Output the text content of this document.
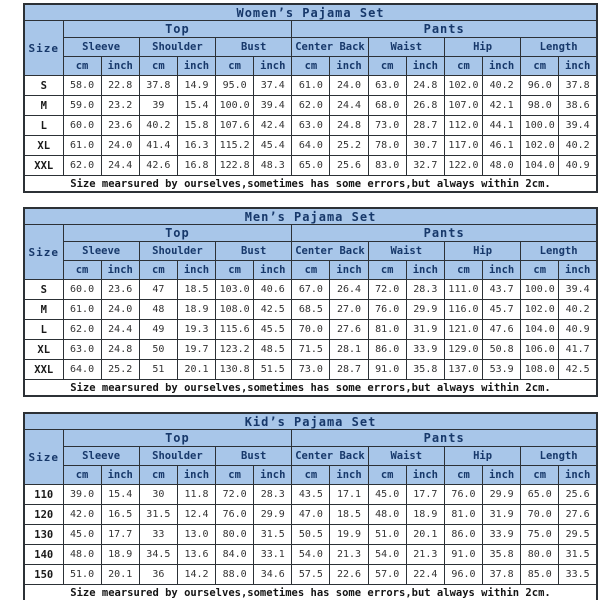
Women’s Pajama Set														
Size	Top						Pants							
	Sleeve		Shoulder		Bust		Center Back		Waist		Hip		Length	
	cm	inch	cm	inch	cm	inch	cm	inch	cm	inch	cm	inch	cm	inch
S	58.0	22.8	37.8	14.9	95.0	37.4	61.0	24.0	63.0	24.8	102.0	40.2	96.0	37.8
M	59.0	23.2	39	15.4	100.0	39.4	62.0	24.4	68.0	26.8	107.0	42.1	98.0	38.6
L	60.0	23.6	40.2	15.8	107.6	42.4	63.0	24.8	73.0	28.7	112.0	44.1	100.0	39.4
XL	61.0	24.0	41.4	16.3	115.2	45.4	64.0	25.2	78.0	30.7	117.0	46.1	102.0	40.2
XXL	62.0	24.4	42.6	16.8	122.8	48.3	65.0	25.6	83.0	32.7	122.0	48.0	104.0	40.9
Size mearsured by ourselves,sometimes has some errors,but always within 2cm.														
Men’s Pajama Set														
Size	Top						Pants							
	Sleeve		Shoulder		Bust		Center Back		Waist		Hip		Length	
	cm	inch	cm	inch	cm	inch	cm	inch	cm	inch	cm	inch	cm	inch
S	60.0	23.6	47	18.5	103.0	40.6	67.0	26.4	72.0	28.3	111.0	43.7	100.0	39.4
M	61.0	24.0	48	18.9	108.0	42.5	68.5	27.0	76.0	29.9	116.0	45.7	102.0	40.2
L	62.0	24.4	49	19.3	115.6	45.5	70.0	27.6	81.0	31.9	121.0	47.6	104.0	40.9
XL	63.0	24.8	50	19.7	123.2	48.5	71.5	28.1	86.0	33.9	129.0	50.8	106.0	41.7
XXL	64.0	25.2	51	20.1	130.8	51.5	73.0	28.7	91.0	35.8	137.0	53.9	108.0	42.5
Size mearsured by ourselves,sometimes has some errors,but always within 2cm.														
Kid’s Pajama Set														
Size	Top						Pants							
	Sleeve		Shoulder		Bust		Center Back		Waist		Hip		Length	
	cm	inch	cm	inch	cm	inch	cm	inch	cm	inch	cm	inch	cm	inch
110	39.0	15.4	30	11.8	72.0	28.3	43.5	17.1	45.0	17.7	76.0	29.9	65.0	25.6
120	42.0	16.5	31.5	12.4	76.0	29.9	47.0	18.5	48.0	18.9	81.0	31.9	70.0	27.6
130	45.0	17.7	33	13.0	80.0	31.5	50.5	19.9	51.0	20.1	86.0	33.9	75.0	29.5
140	48.0	18.9	34.5	13.6	84.0	33.1	54.0	21.3	54.0	21.3	91.0	35.8	80.0	31.5
150	51.0	20.1	36	14.2	88.0	34.6	57.5	22.6	57.0	22.4	96.0	37.8	85.0	33.5
Size mearsured by ourselves,sometimes has some errors,but always within 2cm.														
